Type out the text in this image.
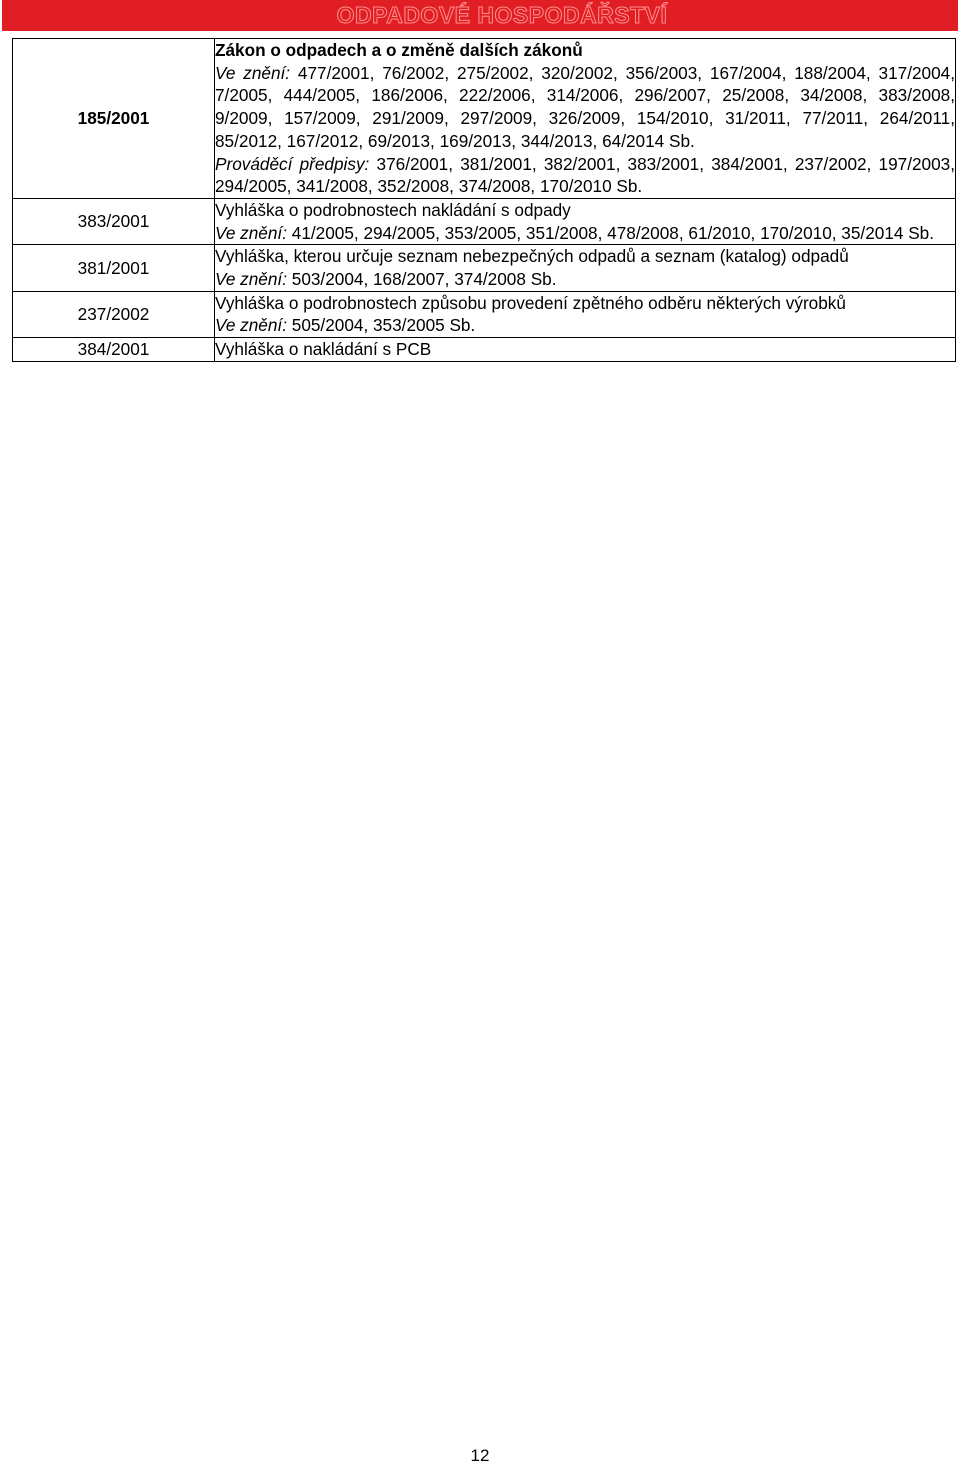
ODPADOVÉ HOSPODÁŘSTVÍ
185/2001	Zákon o odpadech a o změně dalších zákonů
Ve znění: 477/2001, 76/2002, 275/2002, 320/2002, 356/2003, 167/2004, 188/2004, 317/2004, 7/2005, 444/2005, 186/2006, 222/2006, 314/2006, 296/2007, 25/2008, 34/2008, 383/2008, 9/2009, 157/2009, 291/2009, 297/2009, 326/2009, 154/2010, 31/2011, 77/2011, 264/2011, 85/2012, 167/2012, 69/2013, 169/2013, 344/2013, 64/2014 Sb.
Prováděcí předpisy: 376/2001, 381/2001, 382/2001, 383/2001, 384/2001, 237/2002, 197/2003, 294/2005, 341/2008, 352/2008, 374/2008, 170/2010 Sb.

383/2001	Vyhláška o podrobnostech nakládání s odpady
Ve znění: 41/2005, 294/2005, 353/2005, 351/2008, 478/2008, 61/2010, 170/2010, 35/2014 Sb.

381/2001	Vyhláška, kterou určuje seznam nebezpečných odpadů a seznam (katalog) odpadů
Ve znění: 503/2004, 168/2007, 374/2008 Sb.

237/2002	Vyhláška o podrobnostech způsobu provedení zpětného odběru některých výrobků
Ve znění: 505/2004, 353/2005 Sb.

384/2001	Vyhláška o nakládání s PCB
12
